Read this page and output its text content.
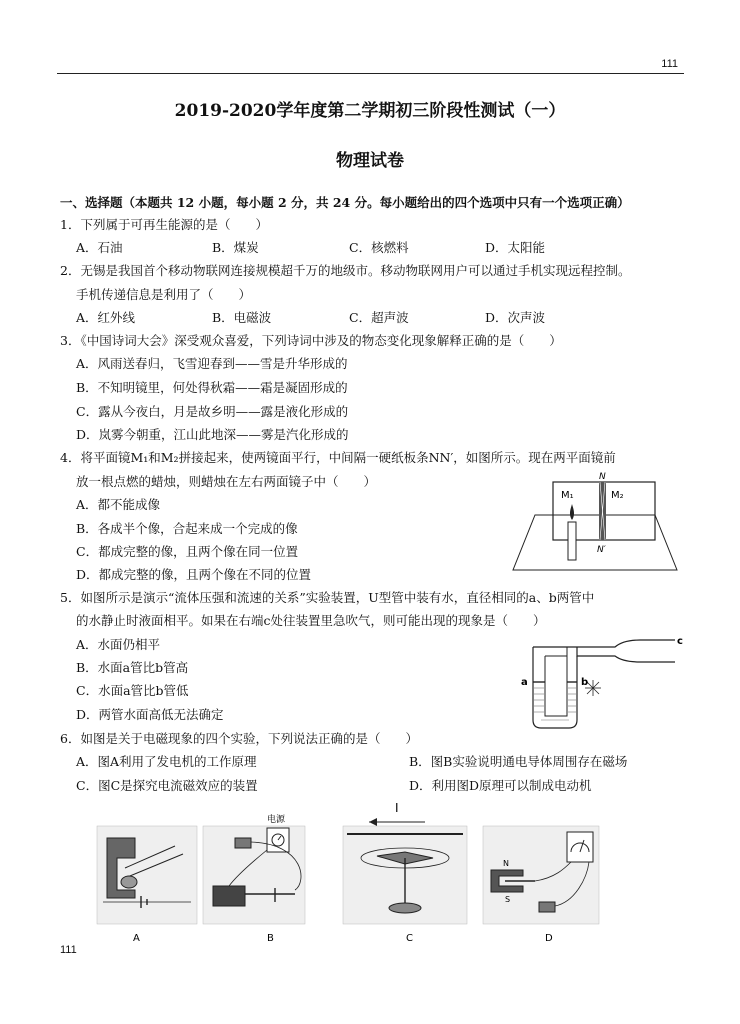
111
2019-2020学年度第二学期初三阶段性测试（一）
物理试卷
一、选择题（本题共 12 小题，每小题 2 分，共 24 分。每小题给出的四个选项中只有一个选项正确）
1．下列属于可再生能源的是（　　）
A．石油	B．煤炭	C．核燃料	D．太阳能
2．无锡是我国首个移动物联网连接规模超千万的地级市。移动物联网用户可以通过手机实现远程控制。
手机传递信息是利用了（　　）
A．红外线	B．电磁波	C．超声波	D．次声波
3．《中国诗词大会》深受观众喜爱，下列诗词中涉及的物态变化现象解释正确的是（　　）
A．风雨送春归，飞雪迎春到——雪是升华形成的
B．不知明镜里，何处得秋霜——霜是凝固形成的
C．露从今夜白，月是故乡明——露是液化形成的
D．岚雾今朝重，江山此地深——雾是汽化形成的
4．将平面镜M₁和M₂拼接起来，使两镜面平行，中间隔一硬纸板条NN′，如图所示。现在两平面镜前
放一根点燃的蜡烛，则蜡烛在左右两面镜子中（　　）
A．都不能成像
B．各成半个像，合起来成一个完成的像
C．都成完整的像，且两个像在同一位置
D．都成完整的像，且两个像在不同的位置
M₁	M₂
N
N′
5．如图所示是演示“流体压强和流速的关系”实验装置，U型管中装有水，直径相同的a、b两管中
的水静止时液面相平。如果在右端c处往装置里急吹气，则可能出现的现象是（　　）
A．水面仍相平
B．水面a管比b管高
C．水面a管比b管低
D．两管水面高低无法确定
a	b
c
6．如图是关于电磁现象的四个实验，下列说法正确的是（　　）
A．图A利用了发电机的工作原理	B．图B实验说明通电导体周围存在磁场
C．图C是探究电流磁效应的装置	D．利用图D原理可以制成电动机
A
电源
B
I
C
N
S
D
111
